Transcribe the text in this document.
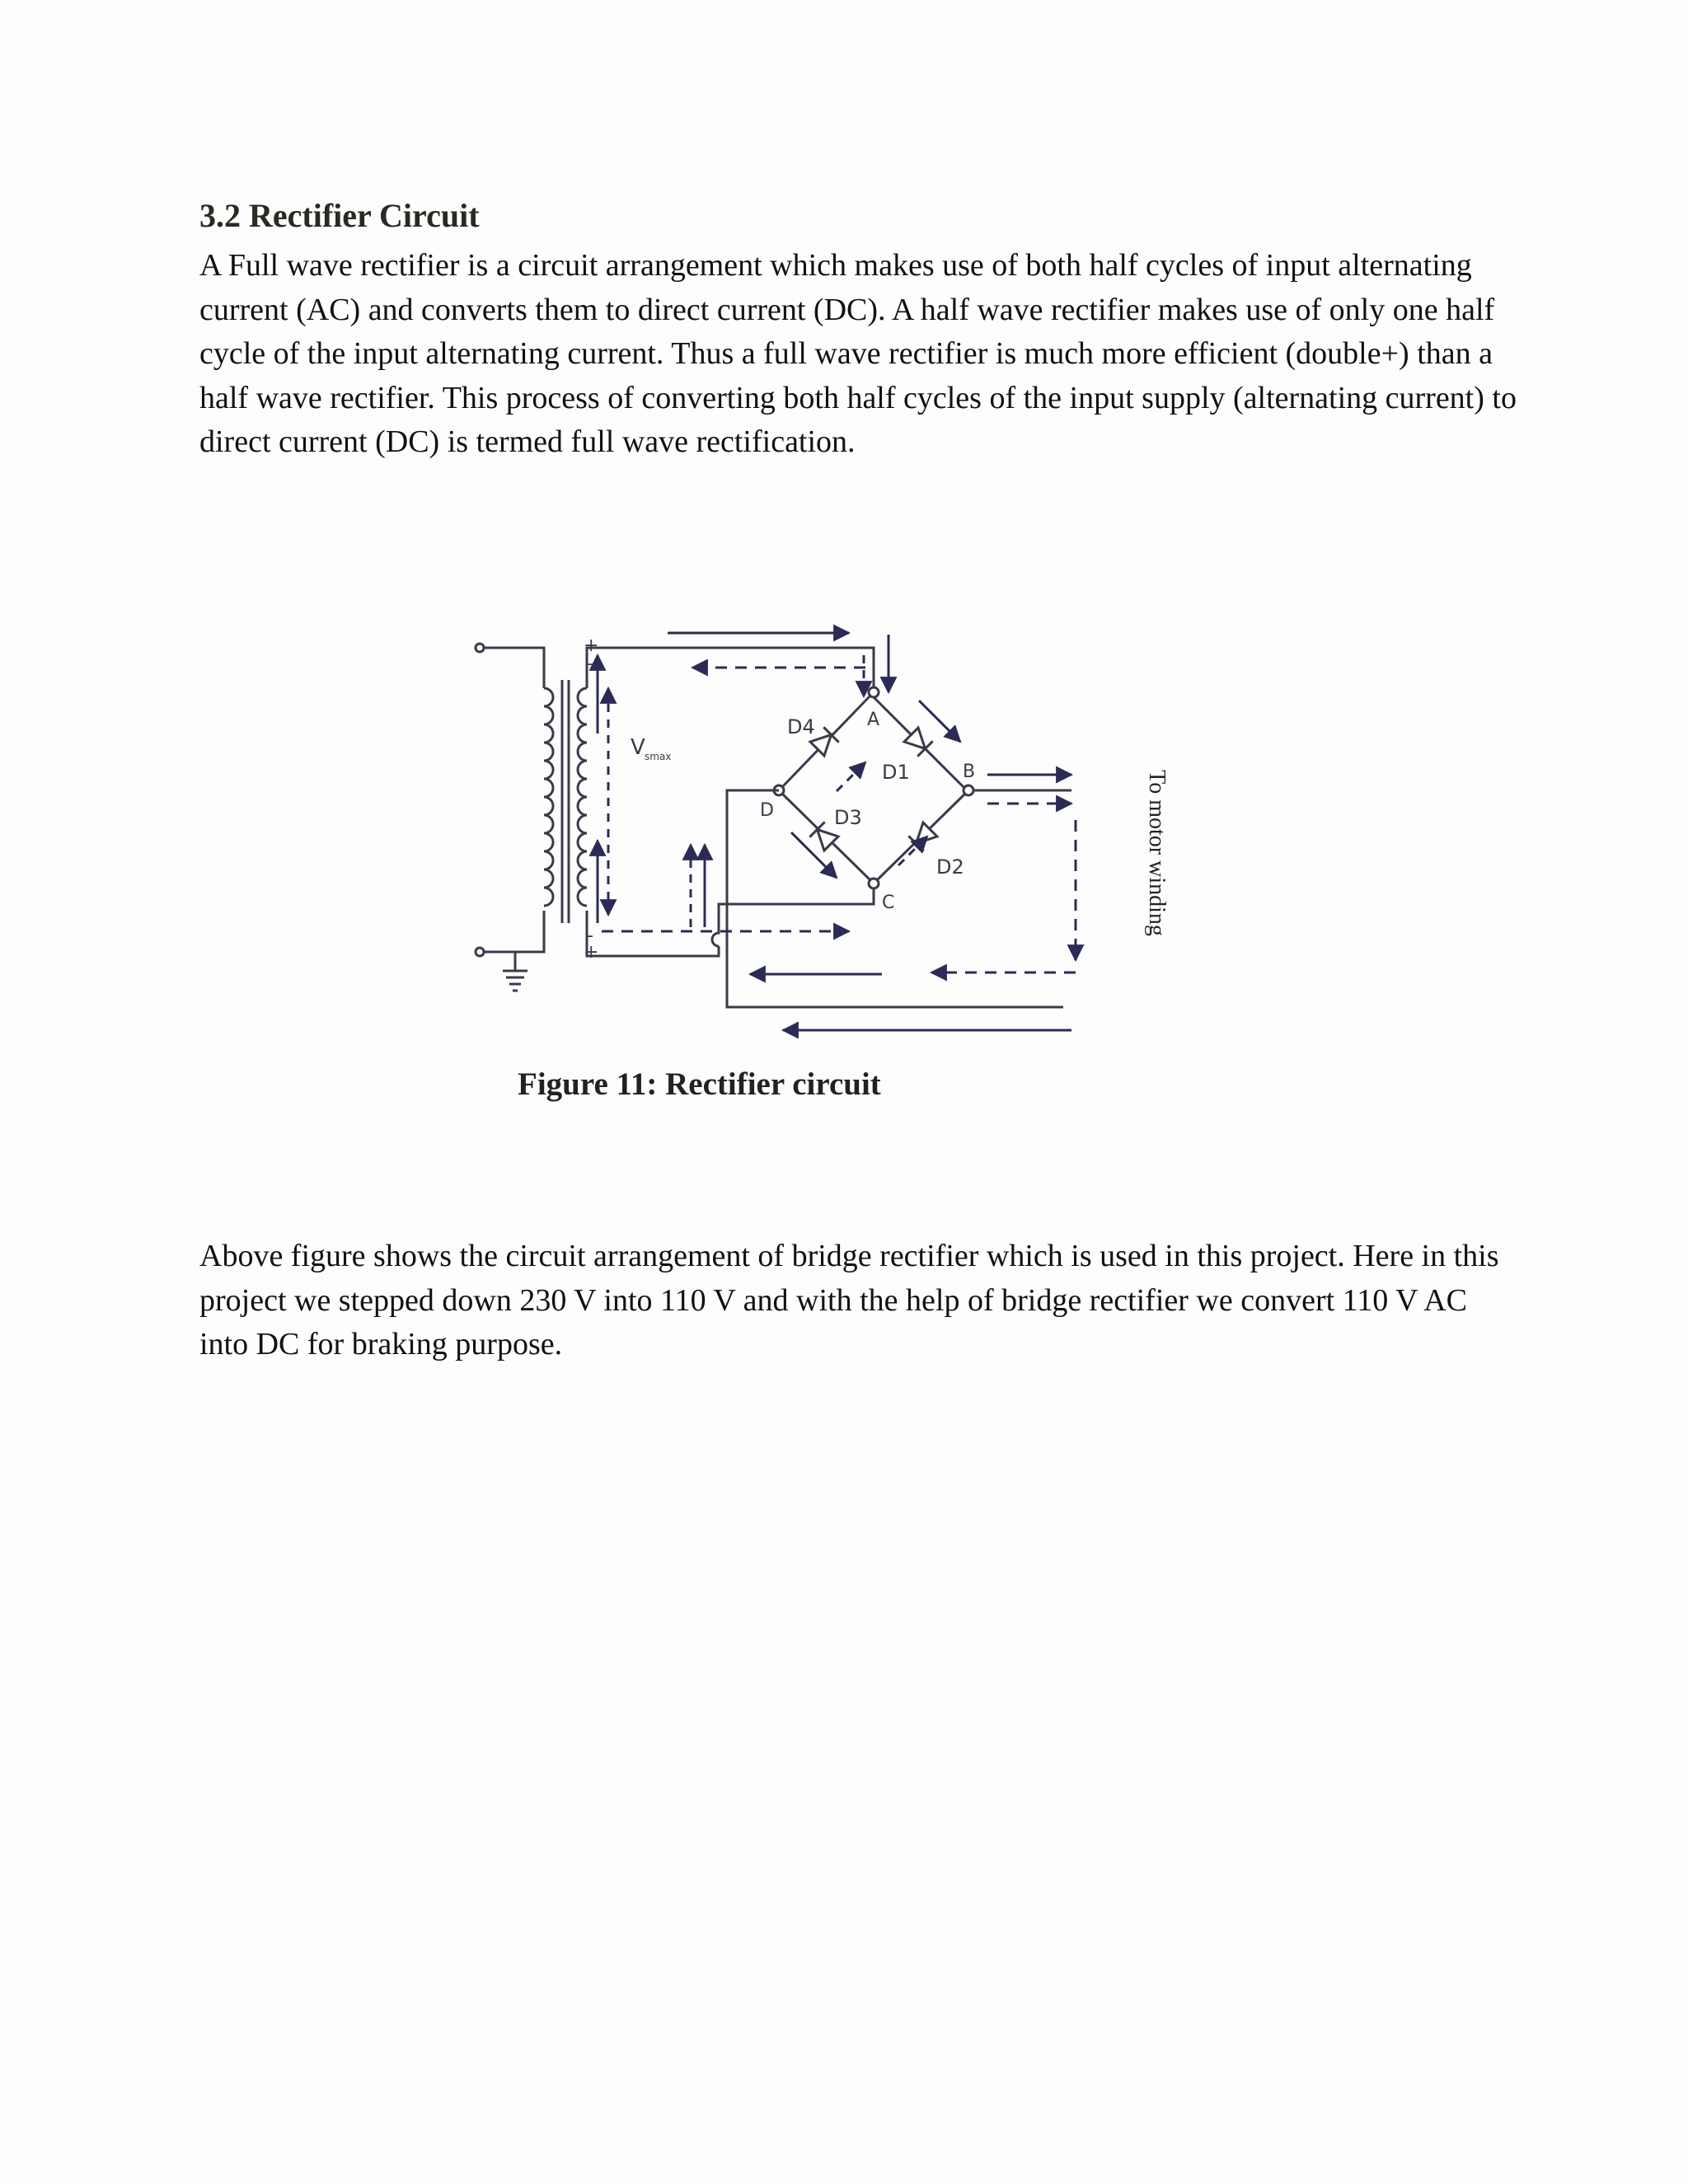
3.2 Rectifier Circuit

A Full wave rectifier is a circuit arrangement which makes use of both half cycles of input alternating current (AC) and converts them to direct current (DC). A half wave rectifier makes use of only one half cycle of the input alternating current. Thus a full wave rectifier is much more efficient (double+) than a half wave rectifier. This process of converting both half cycles of the input supply (alternating current) to direct current (DC) is termed full wave rectification.

+
-
-
+
V smax
A
B
C
D
D1
D2
D3
D4
To motor winding

Figure 11: Rectifier circuit

Above figure shows the circuit arrangement of bridge rectifier which is used in this project. Here in this project we stepped down 230 V into 110 V and with the help of bridge rectifier we convert 110 V AC into DC for braking purpose.
